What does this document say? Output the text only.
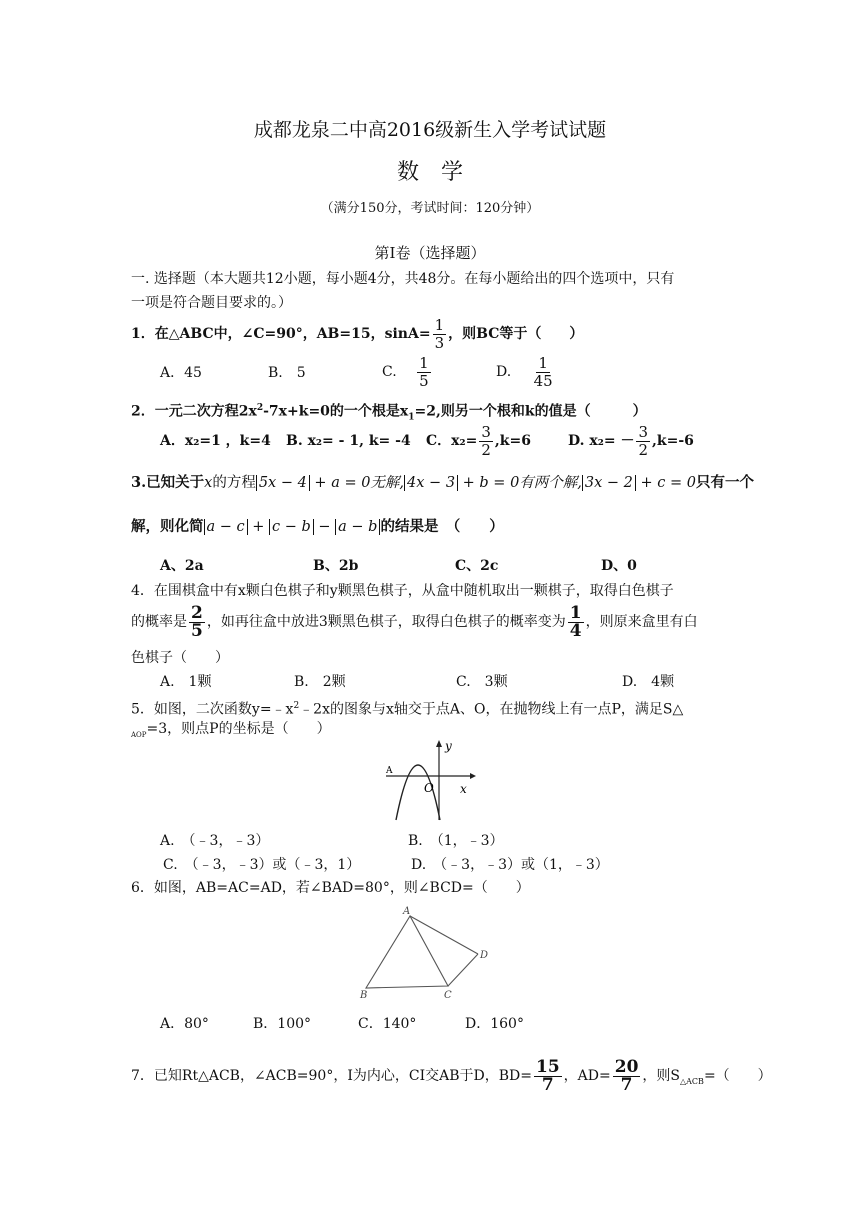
成都龙泉二中高2016级新生入学考试试题
数　学
（满分150分，考试时间：120分钟）
第Ⅰ卷（选择题）
一. 选择题（本大题共12小题，每小题4分，共48分。在每小题给出的四个选项中，只有
一项是符合题目要求的。）
1．在△ABC中，∠C=90°，AB=15，$\sin A= \frac{1}{3}$ ，则BC等于（　　）
A．45	B.　5	C. $\frac{1}{5}$	D. $\frac{1}{45}$
2．一元二次方程$2x^2-7x+k=0$的一个根是$x_1=2$,则另一个根和k的值是（　　　）
A．x₂=1 ，k=4 B. x₂= - 1, k= -4 C．$x_2= \frac{3}{2} ,k=6$	D. $x_2= - \frac{3}{2} ,k=-6$
3.已知关于x的方程 5x − 4 + a = 0无解, 4x − 3 + b = 0有两个解, 3x − 2 + c = 0只有一个
解，则化简 a − c + c − b − a − b 的结果是　（　　）
A、2a	B、2b	C、2c	D、0
4．在围棋盒中有x颗白色棋子和y颗黑色棋子，从盒中随机取出一颗棋子，取得白色棋子
的概率是 $\frac{2}{5}$ ，如再往盒中放进3颗黑色棋子，取得白色棋子的概率变为 $\frac{1}{4}$ ，则原来盒里有白
色棋子（　　）
A.　1颗	B.　2颗	C.　3颗	D.　4颗
5．如图，二次函数$y=﹣x^2﹣2x$的图象与x轴交于点A、O，在抛物线上有一点P，满足S△
$_{AOP}$=3，则点P的坐标是（　　）
y
x
O
A
A.　（﹣3，﹣3）	B.　（1，﹣3）
C.　（﹣3，﹣3）或（﹣3，1）	D.　（﹣3，﹣3）或（1，﹣3）
6．如图，AB=AC=AD，若∠BAD=80°，则∠BCD=（　　）
A
B	C
D
A．80°	B．100°	C．140°	D．160°
7．已知Rt△ACB，∠ACB=90°，I为内心，CI交AB于D，$BD= \frac{15}{7}$ ，$AD= \frac{20}{7}$ ，则$S_{\triangle ACB}=$（　　）
